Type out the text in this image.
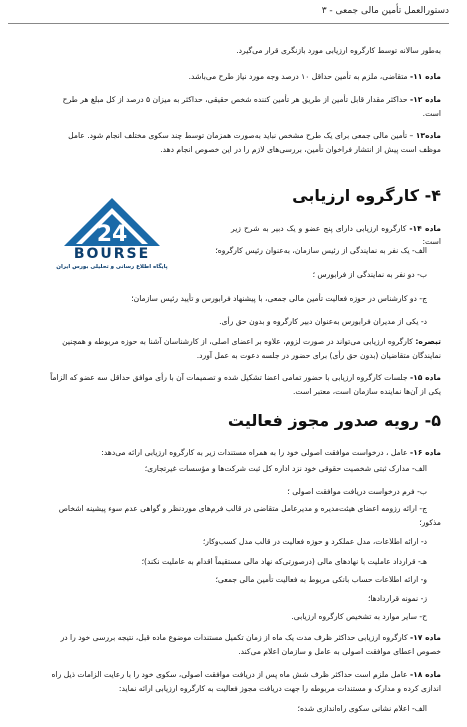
دستورالعمل تأمین مالی جمعی - ۳
به‌طور سالانه توسط کارگروه ارزیابی مورد بازنگری قرار می‌گیرد.
ماده ۱۱- متقاضی، ملزم به تأمین حداقل ۱۰ درصد وجه مورد نیاز طرح می‌باشد.
ماده ۱۲- حداکثر مقدار قابل تأمین از طریق هر تأمین کننده شخص حقیقی، حداکثر به میزان ۵ درصد از کل مبلغ هر طرح
است.
ماده۱۳ – تأمین مالی جمعی برای یک طرح مشخص نباید به‌صورت همزمان توسط چند سکوی مختلف انجام شود. عامل
موظف است پیش از انتشار فراخوان تأمین، بررسی‌های لازم را در این خصوص انجام دهد.
۴- کارگروه ارزیابی
24
BOURSE
پایگاه اطلاع رسانی و تحلیلی بورس ایران
ماده ۱۴- کارگروه ارزیابی دارای پنج عضو و یک دبیر به شرح زیر است:
الف- یک نفر به نمایندگی از رئیس سازمان، به‌عنوان رئیس کارگروه؛
ب- دو نفر به نمایندگی از فرابورس ؛
ج- دو کارشناس در حوزه فعالیت تأمین مالی جمعی، با پیشنهاد فرابورس و تأیید رئیس سازمان؛
د- یکی از مدیران فرابورس به‌عنوان دبیر کارگروه و بدون حق رأی.
تبصره: کارگروه ارزیابی می‌تواند در صورت لزوم، علاوه بر اعضای اصلی، از کارشناسان آشنا به حوزه مربوطه و همچنین
نمایندگان متقاضیان (بدون حق رأی) برای حضور در جلسه دعوت به عمل آورد.
ماده ۱۵- جلسات کارگروه ارزیابی با حضور تمامی اعضا تشکیل شده و تصمیمات آن با رأی موافق حداقل سه عضو که الزاماً
یکی از آن‌ها نماینده سازمان است، معتبر است.
۵- رویه صدور مجوز فعالیت
ماده ۱۶- عامل ، درخواست موافقت اصولی خود را به همراه مستندات زیر به کارگروه ارزیابی ارائه می‌دهد:
الف- مدارک ثبتی شخصیت حقوقی خود نزد اداره کل ثبت شرکت‌ها و مؤسسات غیرتجاری؛
ب- فرم درخواست دریافت موافقت اصولی ؛
ج- ارائه رزومه اعضای هیئت‌مدیره و مدیرعامل متقاضی در قالب فرم‌های موردنظر و گواهی عدم سوء پیشینه اشخاص
مذکور؛
د- ارائه اطلاعات، مدل عملکرد و حوزه فعالیت در قالب مدل کسب‌وکار؛
هـ- قرارداد عاملیت با نهادهای مالی (درصورتی‌که نهاد مالی مستقیماً اقدام به عاملیت نکند)؛
و- ارائه اطلاعات حساب بانکی مربوط به فعالیت تأمین مالی جمعی؛
ز- نمونه قراردادها؛
ح- سایر موارد به تشخیص کارگروه ارزیابی.
ماده ۱۷- کارگروه ارزیابی حداکثر ظرف مدت یک ماه از زمان تکمیل مستندات موضوع ماده قبل، نتیجه بررسی خود را در
خصوص اعطای موافقت اصولی به عامل و سازمان اعلام می‌کند.
ماده ۱۸- عامل ملزم است حداکثر ظرف شش ماه پس از دریافت موافقت اصولی، سکوی خود را با رعایت الزامات ذیل راه
اندازی کرده و مدارک و مستندات مربوطه را جهت دریافت مجوز فعالیت به کارگروه ارزیابی ارائه نماید:
الف- اعلام نشانی سکوی راه‌اندازی شده؛
